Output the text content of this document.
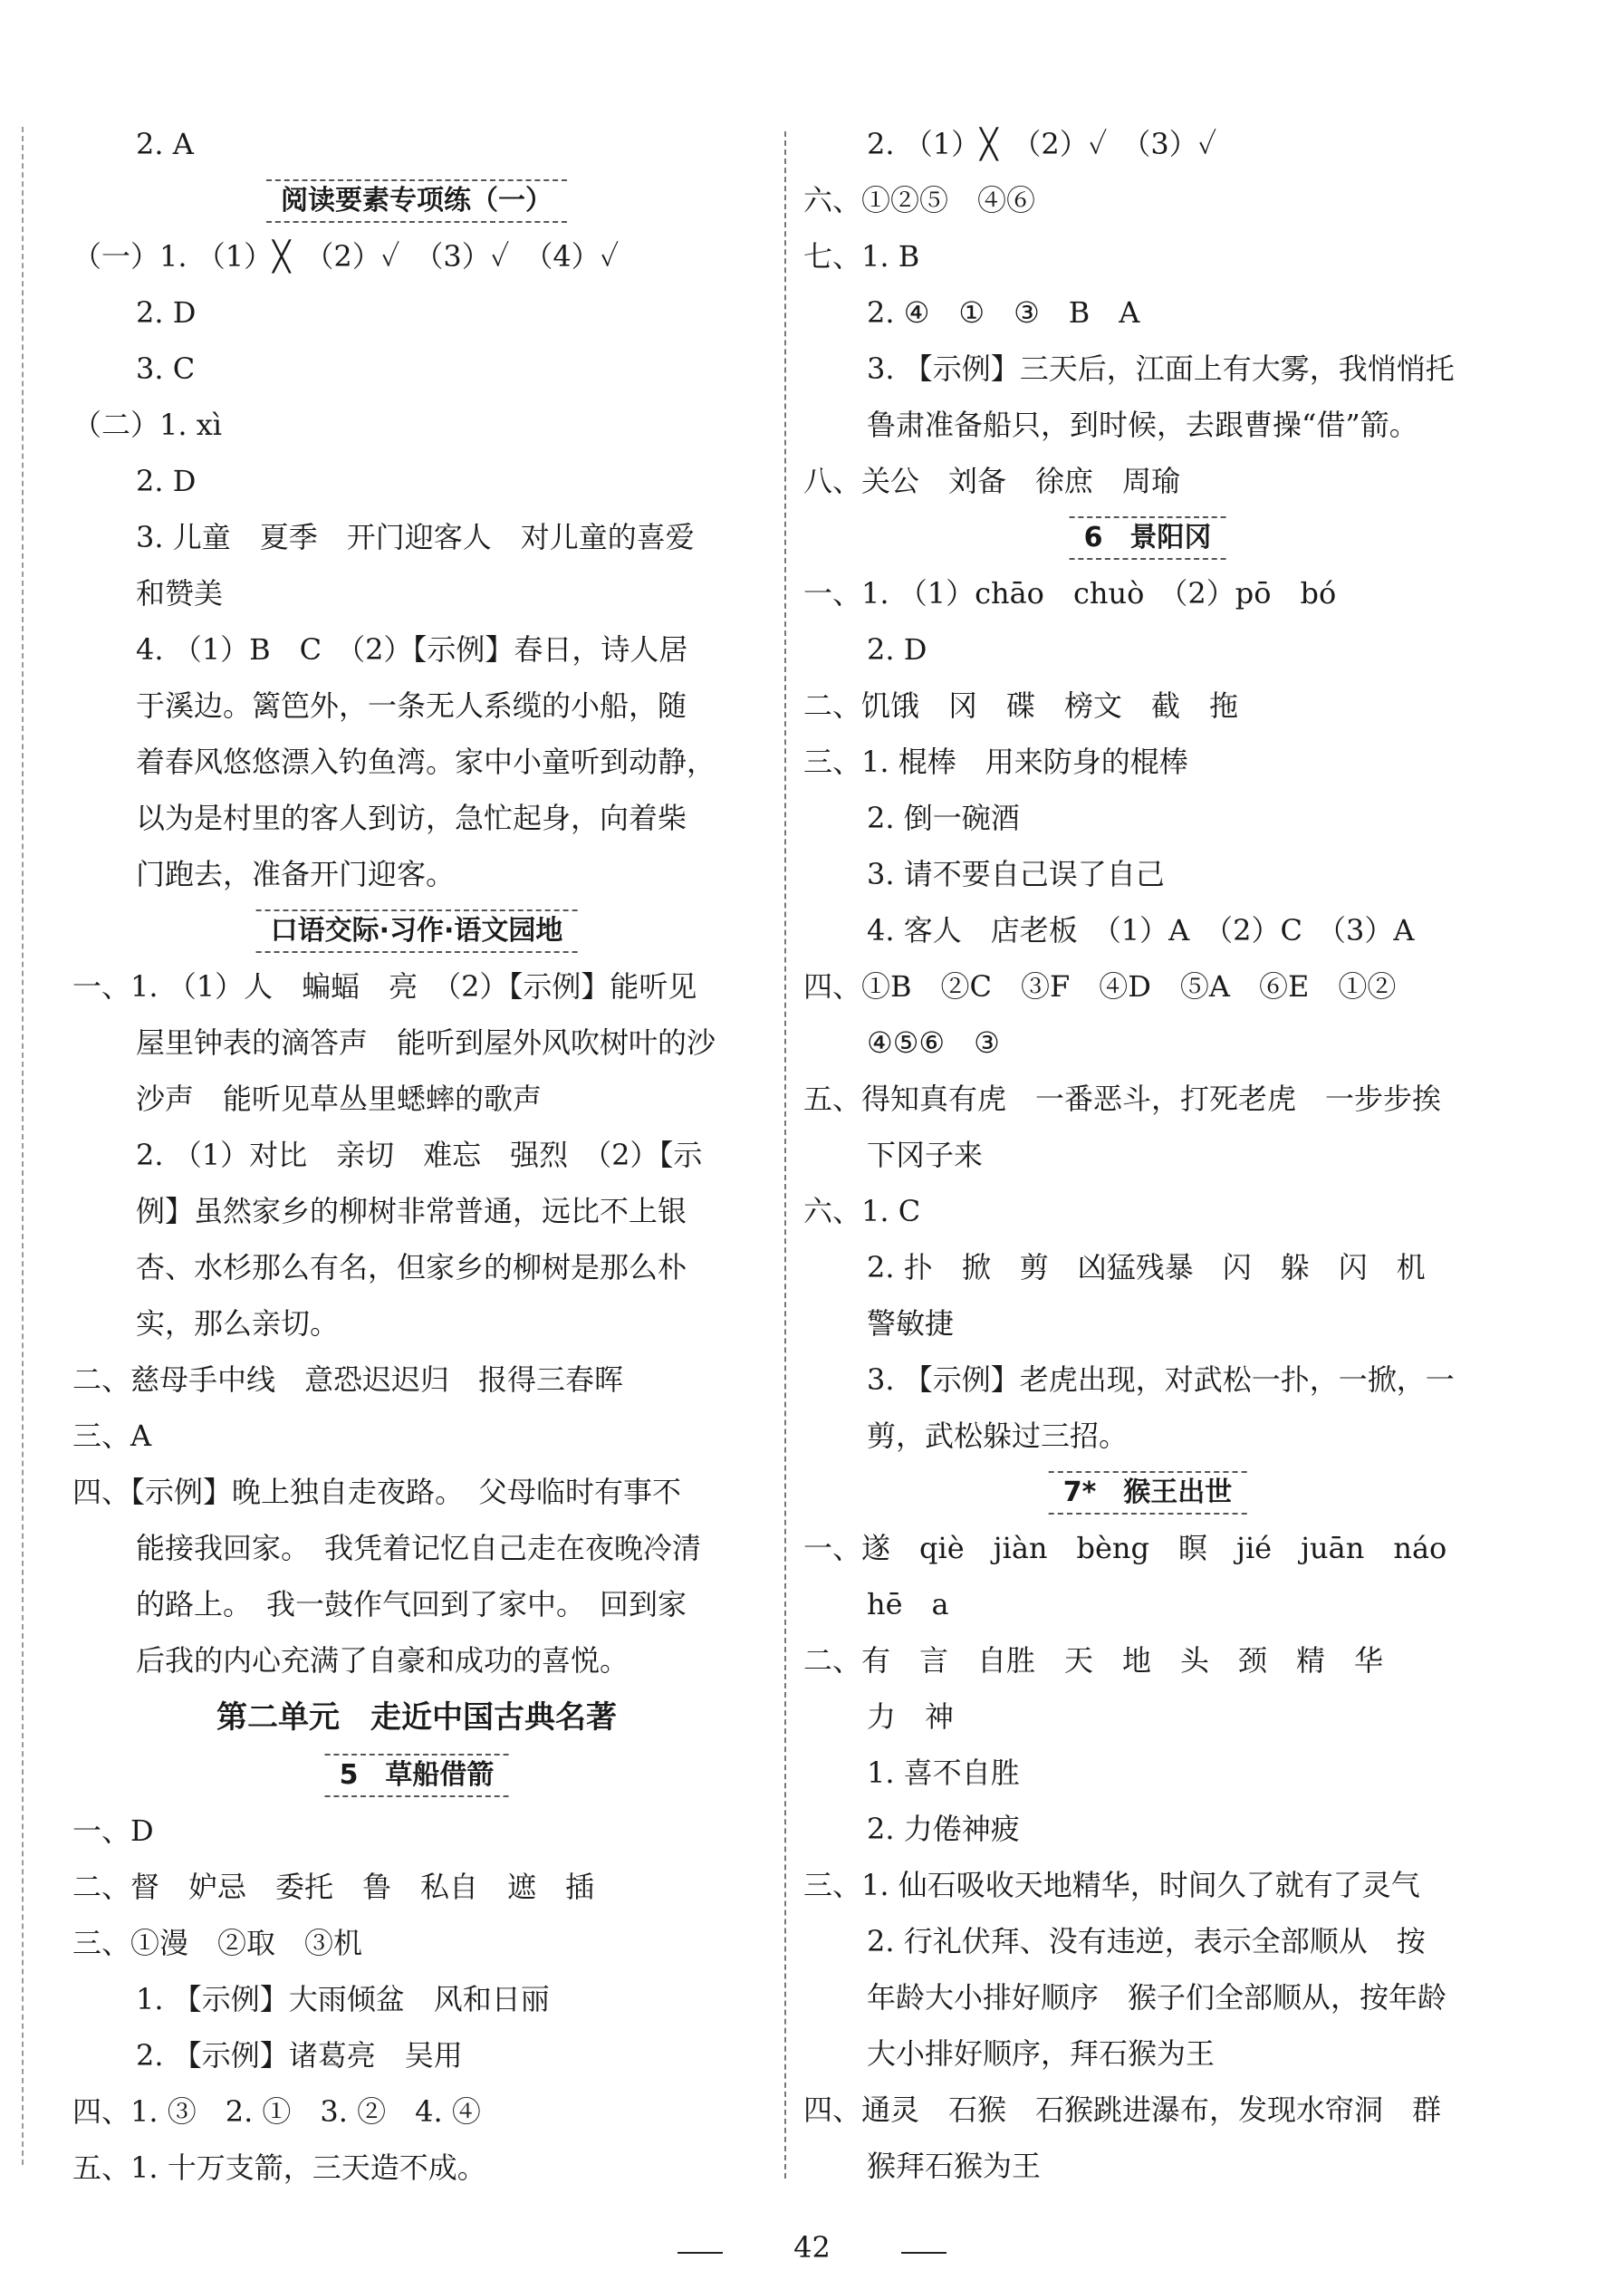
2. A
阅读要素专项练（一）
（一）1. （1）╳　（2）✓　（3）✓　（4）✓
2. D
3. C
（二）1. xì
2. D
3. 儿童　夏季　开门迎客人　对儿童的喜爱
和赞美
4. （1）B　C　（2）【示例】春日，诗人居
于溪边。篱笆外，一条无人系缆的小船，随
着春风悠悠漂入钓鱼湾。家中小童听到动静，
以为是村里的客人到访，急忙起身，向着柴
门跑去，准备开门迎客。
口语交际·习作·语文园地
一、1. （1）人　蝙蝠　亮　（2）【示例】能听见
屋里钟表的滴答声　能听到屋外风吹树叶的沙
沙声　能听见草丛里蟋蟀的歌声
2. （1）对比　亲切　难忘　强烈　（2）【示
例】虽然家乡的柳树非常普通，远比不上银
杏、水杉那么有名，但家乡的柳树是那么朴
实，那么亲切。
二、慈母手中线　意恐迟迟归　报得三春晖
三、A
四、【示例】晚上独自走夜路。　父母临时有事不
能接我回家。　我凭着记忆自己走在夜晚冷清
的路上。　我一鼓作气回到了家中。　回到家
后我的内心充满了自豪和成功的喜悦。
第二单元　走近中国古典名著
5　草船借箭
一、D
二、督　妒忌　委托　鲁　私自　遮　插
三、①漫　②取　③机
1. 【示例】大雨倾盆　风和日丽
2. 【示例】诸葛亮　吴用
四、1. ③　2. ①　3. ②　4. ④
五、1. 十万支箭，三天造不成。
2. （1）╳　（2）✓　（3）✓
六、①②⑤　④⑥
七、1. B
2. ④　①　③　B　A
3. 【示例】三天后，江面上有大雾，我悄悄托
鲁肃准备船只，到时候，去跟曹操“借”箭。
八、关公　刘备　徐庶　周瑜
6　景阳冈
一、1. （1）chāo　chuò　（2）pō　bó
2. D
二、饥饿　冈　碟　榜文　截　拖
三、1. 棍棒　用来防身的棍棒
2. 倒一碗酒
3. 请不要自己误了自己
4. 客人　店老板　（1）A　（2）C　（3）A
四、①B　②C　③F　④D　⑤A　⑥E　①②
④⑤⑥　③
五、得知真有虎　一番恶斗，打死老虎　一步步挨
下冈子来
六、1. C
2. 扑　掀　剪　凶猛残暴　闪　躲　闪　机
警敏捷
3. 【示例】老虎出现，对武松一扑，一掀，一
剪，武松躲过三招。
7*　猴王出世
一、遂　qiè　jiàn　bèng　瞑　jié　juān　náo
hē　a
二、有　言　自胜　天　地　头　颈　精　华
力　神
1. 喜不自胜
2. 力倦神疲
三、1. 仙石吸收天地精华，时间久了就有了灵气
2. 行礼伏拜、没有违逆，表示全部顺从　按
年龄大小排好顺序　猴子们全部顺从，按年龄
大小排好顺序，拜石猴为王
四、通灵　石猴　石猴跳进瀑布，发现水帘洞　群
猴拜石猴为王
42
